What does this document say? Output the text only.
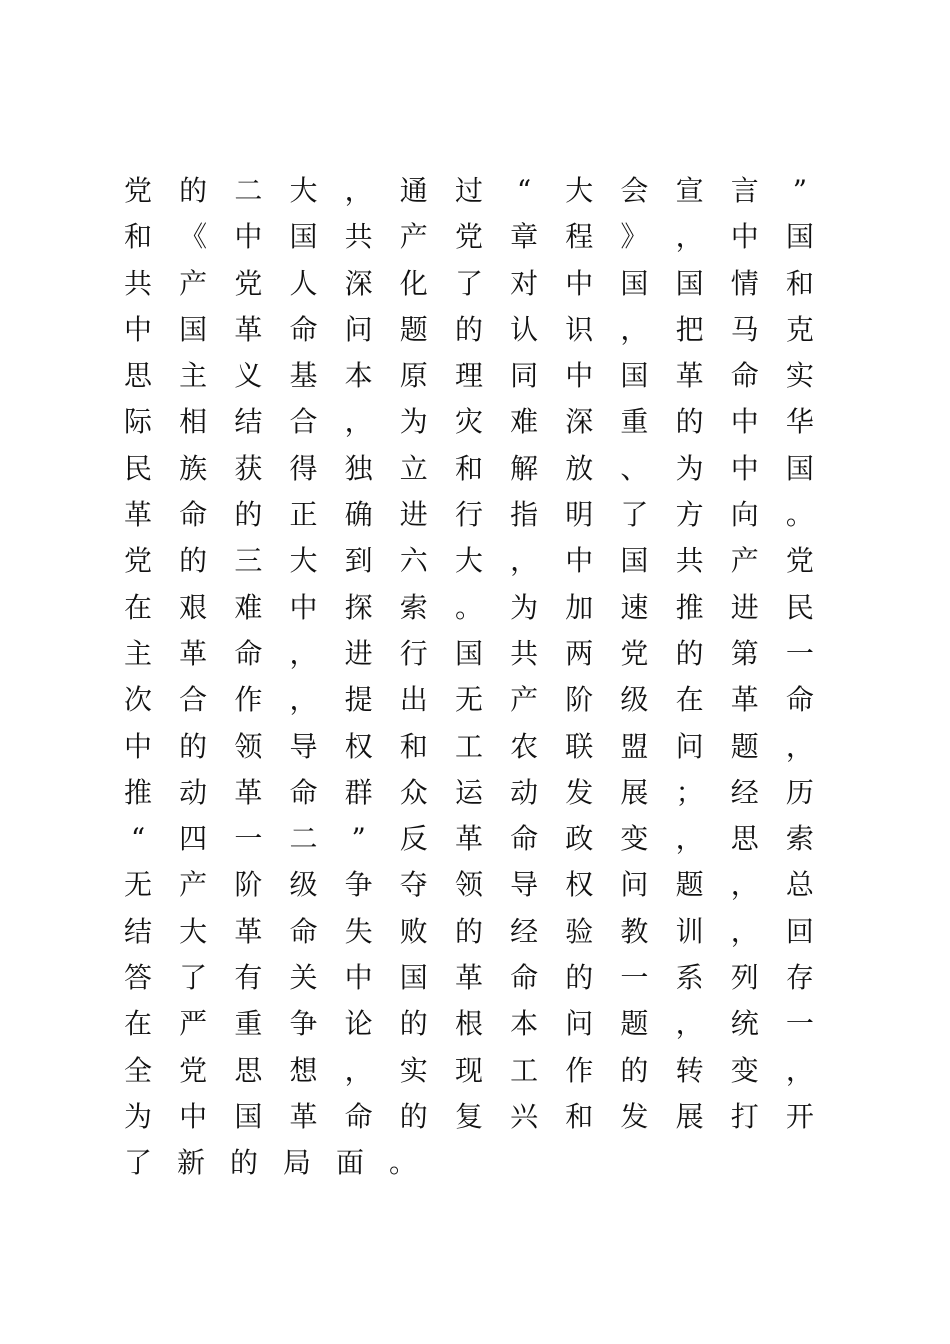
党 的 二 大 ， 通 过 “ 大 会 宣 言 ”
和 《 中 国 共 产 党 章 程 》 ， 中 国
共 产 党 人 深 化 了 对 中 国 国 情 和
中 国 革 命 问 题 的 认 识 ， 把 马 克
思 主 义 基 本 原 理 同 中 国 革 命 实
际 相 结 合 ， 为 灾 难 深 重 的 中 华
民 族 获 得 独 立 和 解 放 、 为 中 国
革 命 的 正 确 进 行 指 明 了 方 向 。
党 的 三 大 到 六 大 ， 中 国 共 产 党
在 艰 难 中 探 索 。 为 加 速 推 进 民
主 革 命 ， 进 行 国 共 两 党 的 第 一
次 合 作 ， 提 出 无 产 阶 级 在 革 命
中 的 领 导 权 和 工 农 联 盟 问 题 ，
推 动 革 命 群 众 运 动 发 展 ； 经 历
“ 四 一 二 ” 反 革 命 政 变 ， 思 索
无 产 阶 级 争 夺 领 导 权 问 题 ， 总
结 大 革 命 失 败 的 经 验 教 训 ， 回
答 了 有 关 中 国 革 命 的 一 系 列 存
在 严 重 争 论 的 根 本 问 题 ， 统 一
全 党 思 想 ， 实 现 工 作 的 转 变 ，
为 中 国 革 命 的 复 兴 和 发 展 打 开
了 新 的 局 面 。
